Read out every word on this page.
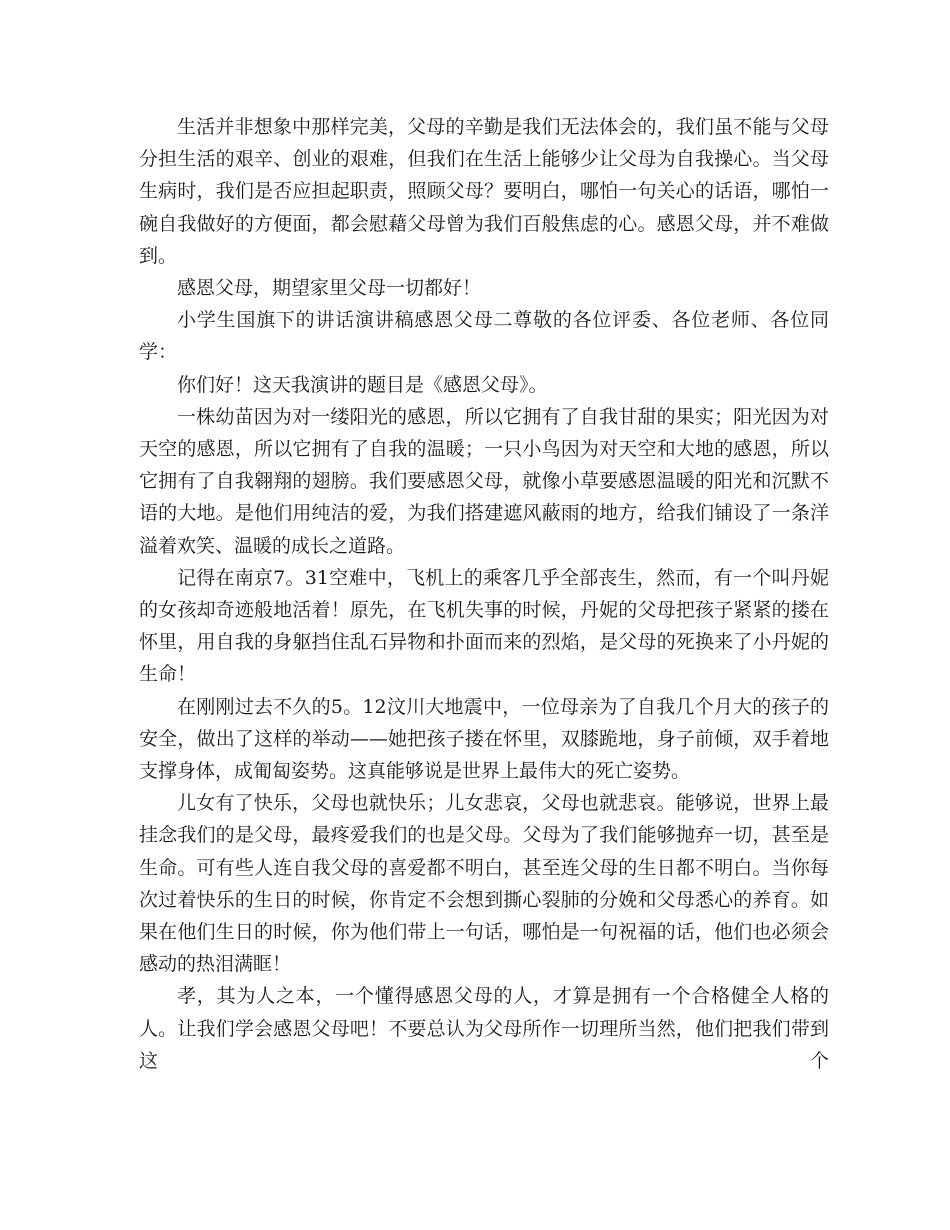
生活并非想象中那样完美，父母的辛勤是我们无法体会的，我们虽不能与父母分担生活的艰辛、创业的艰难，但我们在生活上能够少让父母为自我操心。当父母生病时，我们是否应担起职责，照顾父母？要明白，哪怕一句关心的话语，哪怕一碗自我做好的方便面，都会慰藉父母曾为我们百般焦虑的心。感恩父母，并不难做到。

感恩父母，期望家里父母一切都好！

小学生国旗下的讲话演讲稿感恩父母二尊敬的各位评委、各位老师、各位同学：

你们好！这天我演讲的题目是《感恩父母》。

一株幼苗因为对一缕阳光的感恩，所以它拥有了自我甘甜的果实；阳光因为对天空的感恩，所以它拥有了自我的温暖；一只小鸟因为对天空和大地的感恩，所以它拥有了自我翱翔的翅膀。我们要感恩父母，就像小草要感恩温暖的阳光和沉默不语的大地。是他们用纯洁的爱，为我们搭建遮风蔽雨的地方，给我们铺设了一条洋溢着欢笑、温暖的成长之道路。

记得在南京7。31空难中，飞机上的乘客几乎全部丧生，然而，有一个叫丹妮的女孩却奇迹般地活着！原先，在飞机失事的时候，丹妮的父母把孩子紧紧的搂在怀里，用自我的身躯挡住乱石异物和扑面而来的烈焰，是父母的死换来了小丹妮的生命！

在刚刚过去不久的5。12汶川大地震中，一位母亲为了自我几个月大的孩子的安全，做出了这样的举动——她把孩子搂在怀里，双膝跪地，身子前倾，双手着地支撑身体，成匍匐姿势。这真能够说是世界上最伟大的死亡姿势。

儿女有了快乐，父母也就快乐；儿女悲哀，父母也就悲哀。能够说，世界上最挂念我们的是父母，最疼爱我们的也是父母。父母为了我们能够抛弃一切，甚至是生命。可有些人连自我父母的喜爱都不明白，甚至连父母的生日都不明白。当你每次过着快乐的生日的时候，你肯定不会想到撕心裂肺的分娩和父母悉心的养育。如果在他们生日的时候，你为他们带上一句话，哪怕是一句祝福的话，他们也必须会感动的热泪满眶！

孝，其为人之本，一个懂得感恩父母的人，才算是拥有一个合格健全人格的人。让我们学会感恩父母吧！不要总认为父母所作一切理所当然，他们把我们带到这个
